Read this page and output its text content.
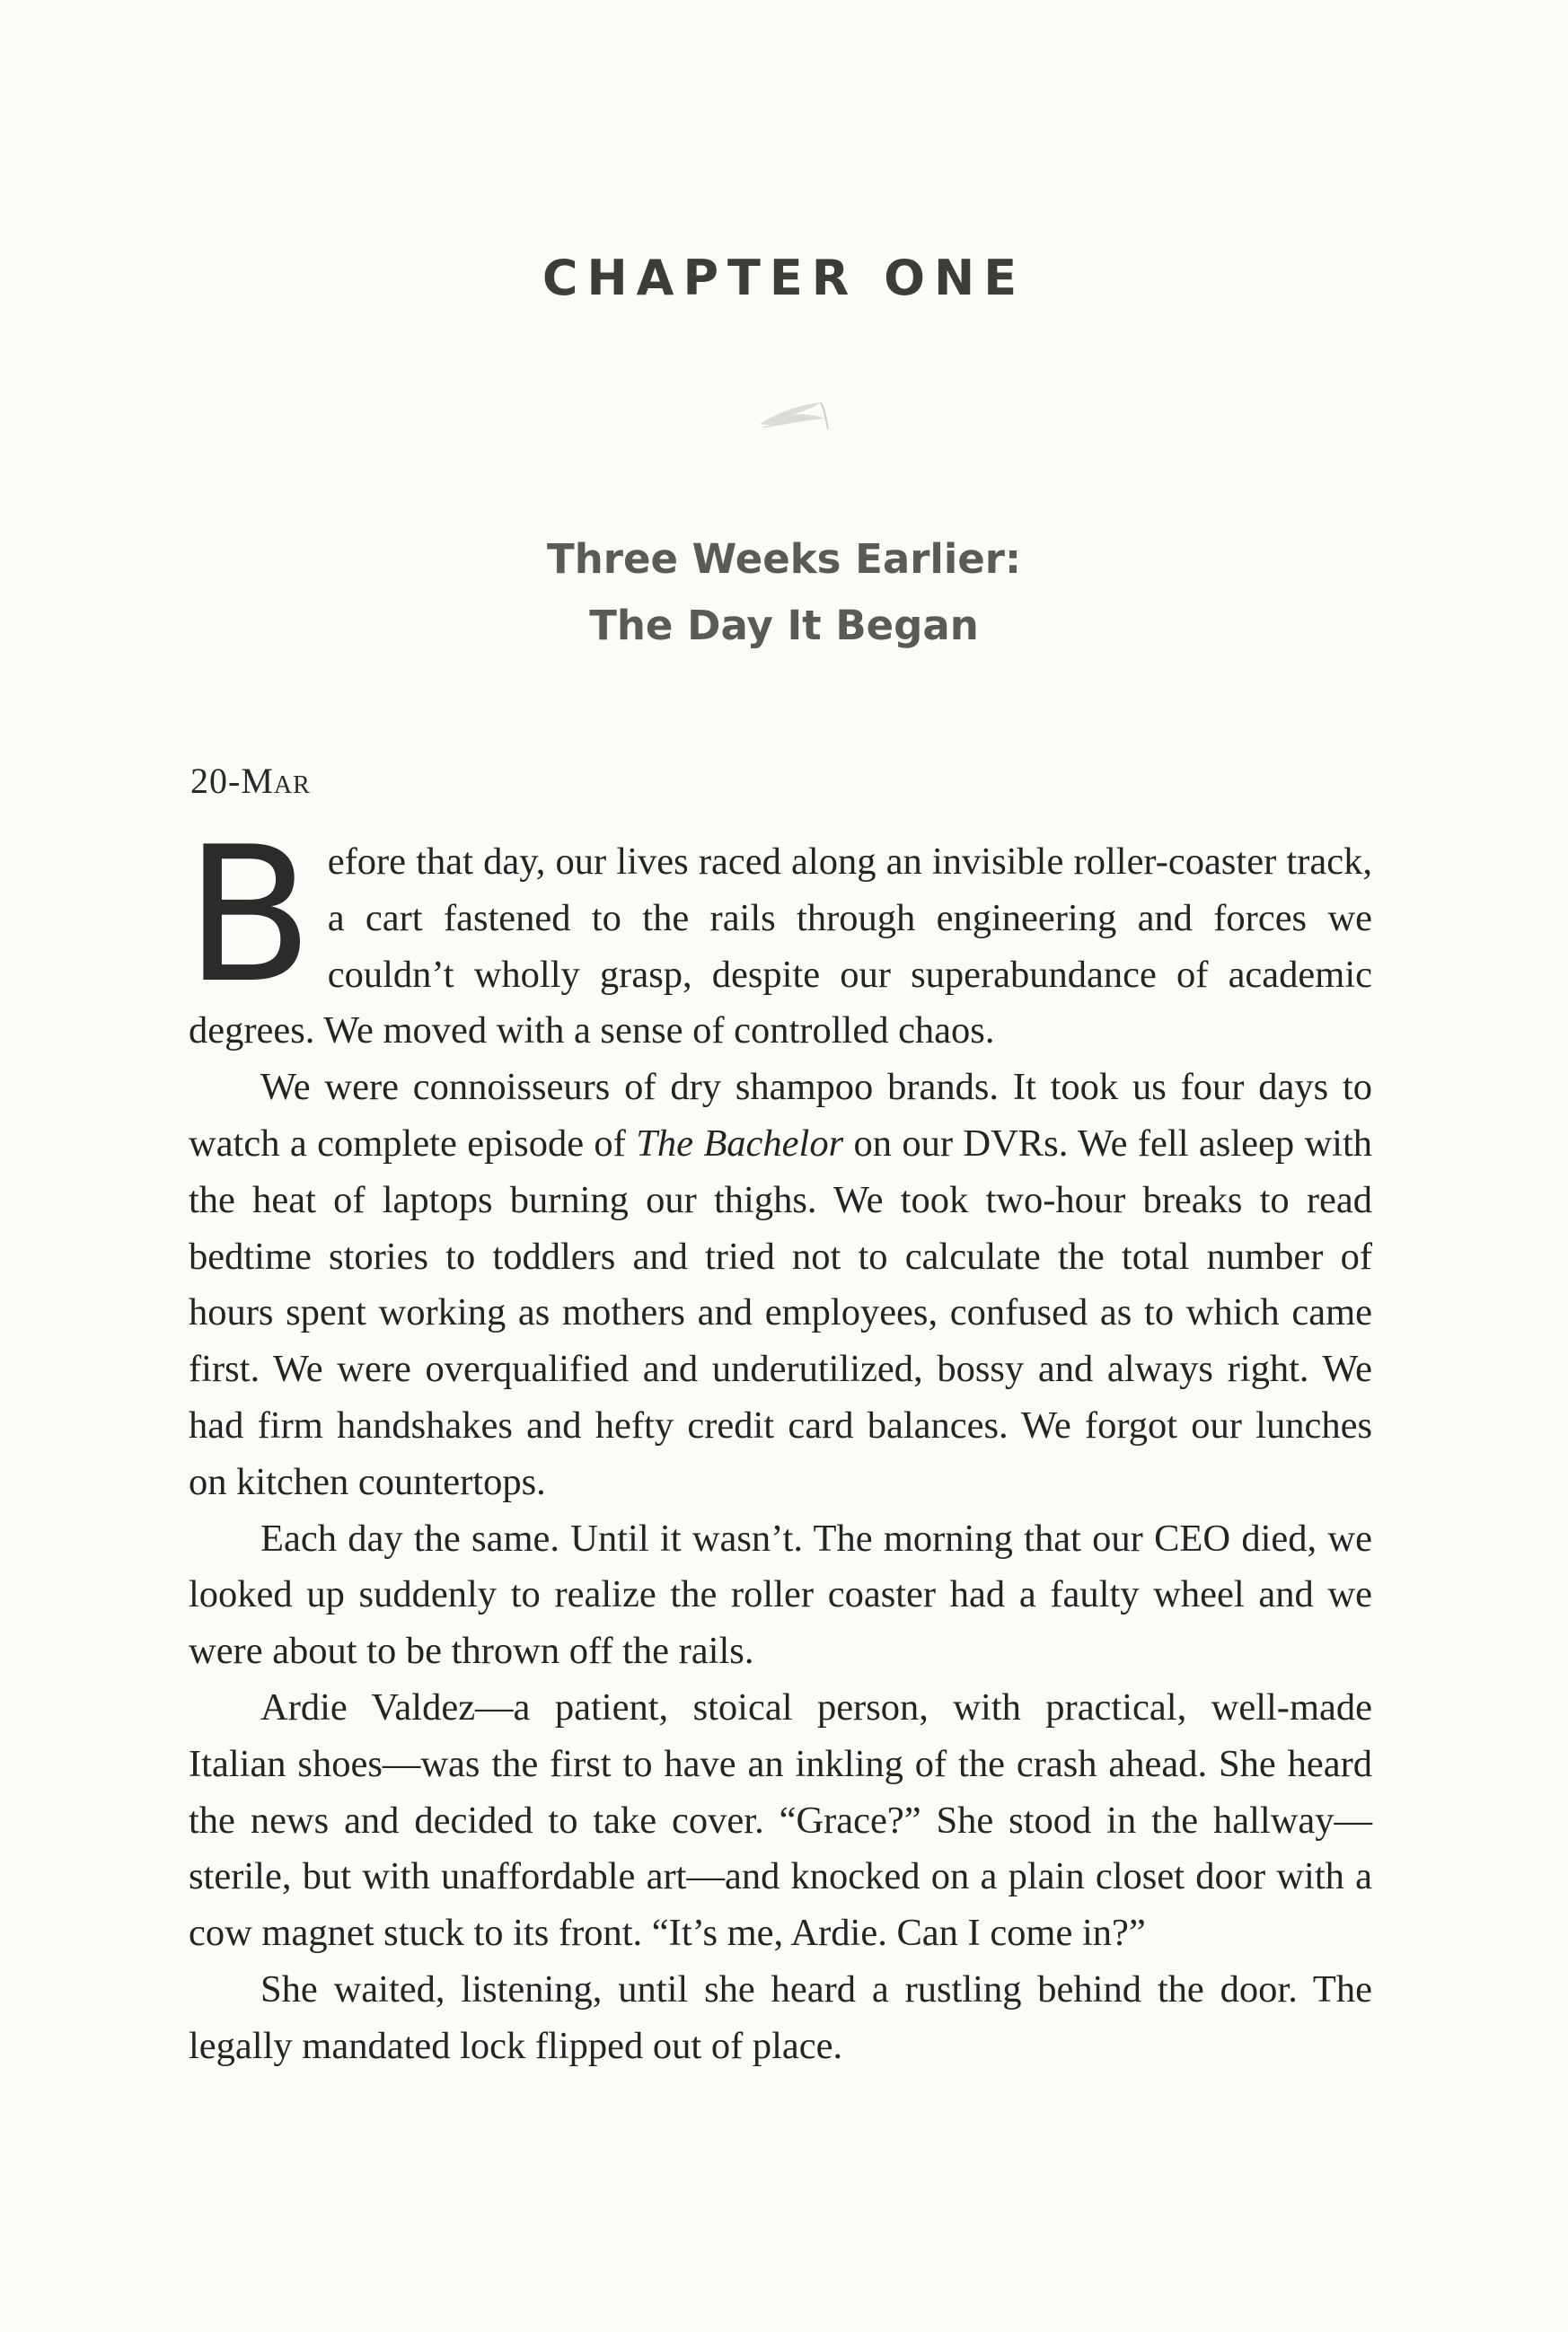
CHAPTER ONE
Three Weeks Earlier:
The Day It Began
20-Mar

Before that day, our lives raced along an invisible roller-coaster track, a cart fastened to the rails through engineering and forces we couldn’t wholly grasp, despite our superabundance of academic degrees. We moved with a sense of controlled chaos.

We were connoisseurs of dry shampoo brands. It took us four days to watch a complete episode of The Bachelor on our DVRs. We fell asleep with the heat of laptops burning our thighs. We took two-hour breaks to read bedtime stories to toddlers and tried not to calculate the total number of hours spent working as mothers and employees, confused as to which came first. We were overqualified and underutilized, bossy and always right. We had firm handshakes and hefty credit card balances. We forgot our lunches on kitchen countertops.

Each day the same. Until it wasn’t. The morning that our CEO died, we looked up suddenly to realize the roller coaster had a faulty wheel and we were about to be thrown off the rails.

Ardie Valdez—a patient, stoical person, with practical, well-made Italian shoes—was the first to have an inkling of the crash ahead. She heard the news and decided to take cover. “Grace?” She stood in the hallway—sterile, but with unaffordable art—and knocked on a plain closet door with a cow magnet stuck to its front. “It’s me, Ardie. Can I come in?”

She waited, listening, until she heard a rustling behind the door. The legally mandated lock flipped out of place.
